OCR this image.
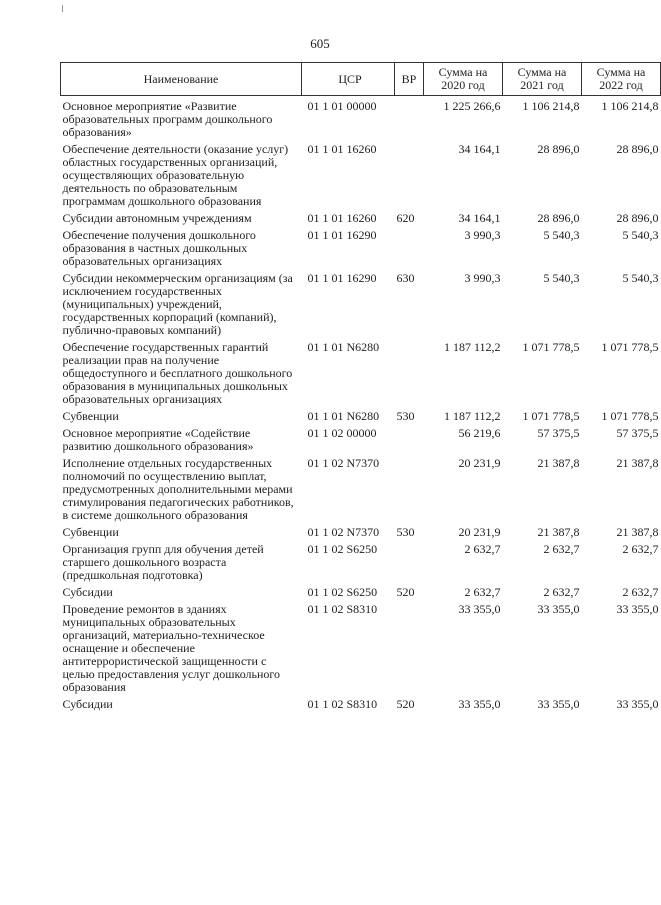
605
Наименование	ЦСР	ВР	Сумма на 2020 год	Сумма на 2021 год	Сумма на 2022 год
Основное мероприятие «Развитие образовательных программ дошкольного образования»	01 1 01 00000		1 225 266,6	1 106 214,8	1 106 214,8
Обеспечение деятельности (оказание услуг) областных государственных организаций, осуществляющих образовательную деятельность по образовательным программам дошкольного образования	01 1 01 16260		34 164,1	28 896,0	28 896,0
Субсидии автономным учреждениям	01 1 01 16260	620	34 164,1	28 896,0	28 896,0
Обеспечение получения дошкольного образования в частных дошкольных образовательных организациях	01 1 01 16290		3 990,3	5 540,3	5 540,3
Субсидии некоммерческим организациям (за исключением государственных (муниципальных) учреждений, государственных корпораций (компаний), публично-правовых компаний)	01 1 01 16290	630	3 990,3	5 540,3	5 540,3
Обеспечение государственных гарантий реализации прав на получение общедоступного и бесплатного дошкольного образования в муниципальных дошкольных образовательных организациях	01 1 01 N6280		1 187 112,2	1 071 778,5	1 071 778,5
Субвенции	01 1 01 N6280	530	1 187 112,2	1 071 778,5	1 071 778,5
Основное мероприятие «Содействие развитию дошкольного образования»	01 1 02 00000		56 219,6	57 375,5	57 375,5
Исполнение отдельных государственных полномочий по осуществлению выплат, предусмотренных дополнительными мерами стимулирования педагогических работников, в системе дошкольного образования	01 1 02 N7370		20 231,9	21 387,8	21 387,8
Субвенции	01 1 02 N7370	530	20 231,9	21 387,8	21 387,8
Организация групп для обучения детей старшего дошкольного возраста (предшкольная подготовка)	01 1 02 S6250		2 632,7	2 632,7	2 632,7
Субсидии	01 1 02 S6250	520	2 632,7	2 632,7	2 632,7
Проведение ремонтов в зданиях муниципальных образовательных организаций, материально-техническое оснащение и обеспечение антитеррористической защищенности с целью предоставления услуг дошкольного образования	01 1 02 S8310		33 355,0	33 355,0	33 355,0
Субсидии	01 1 02 S8310	520	33 355,0	33 355,0	33 355,0
